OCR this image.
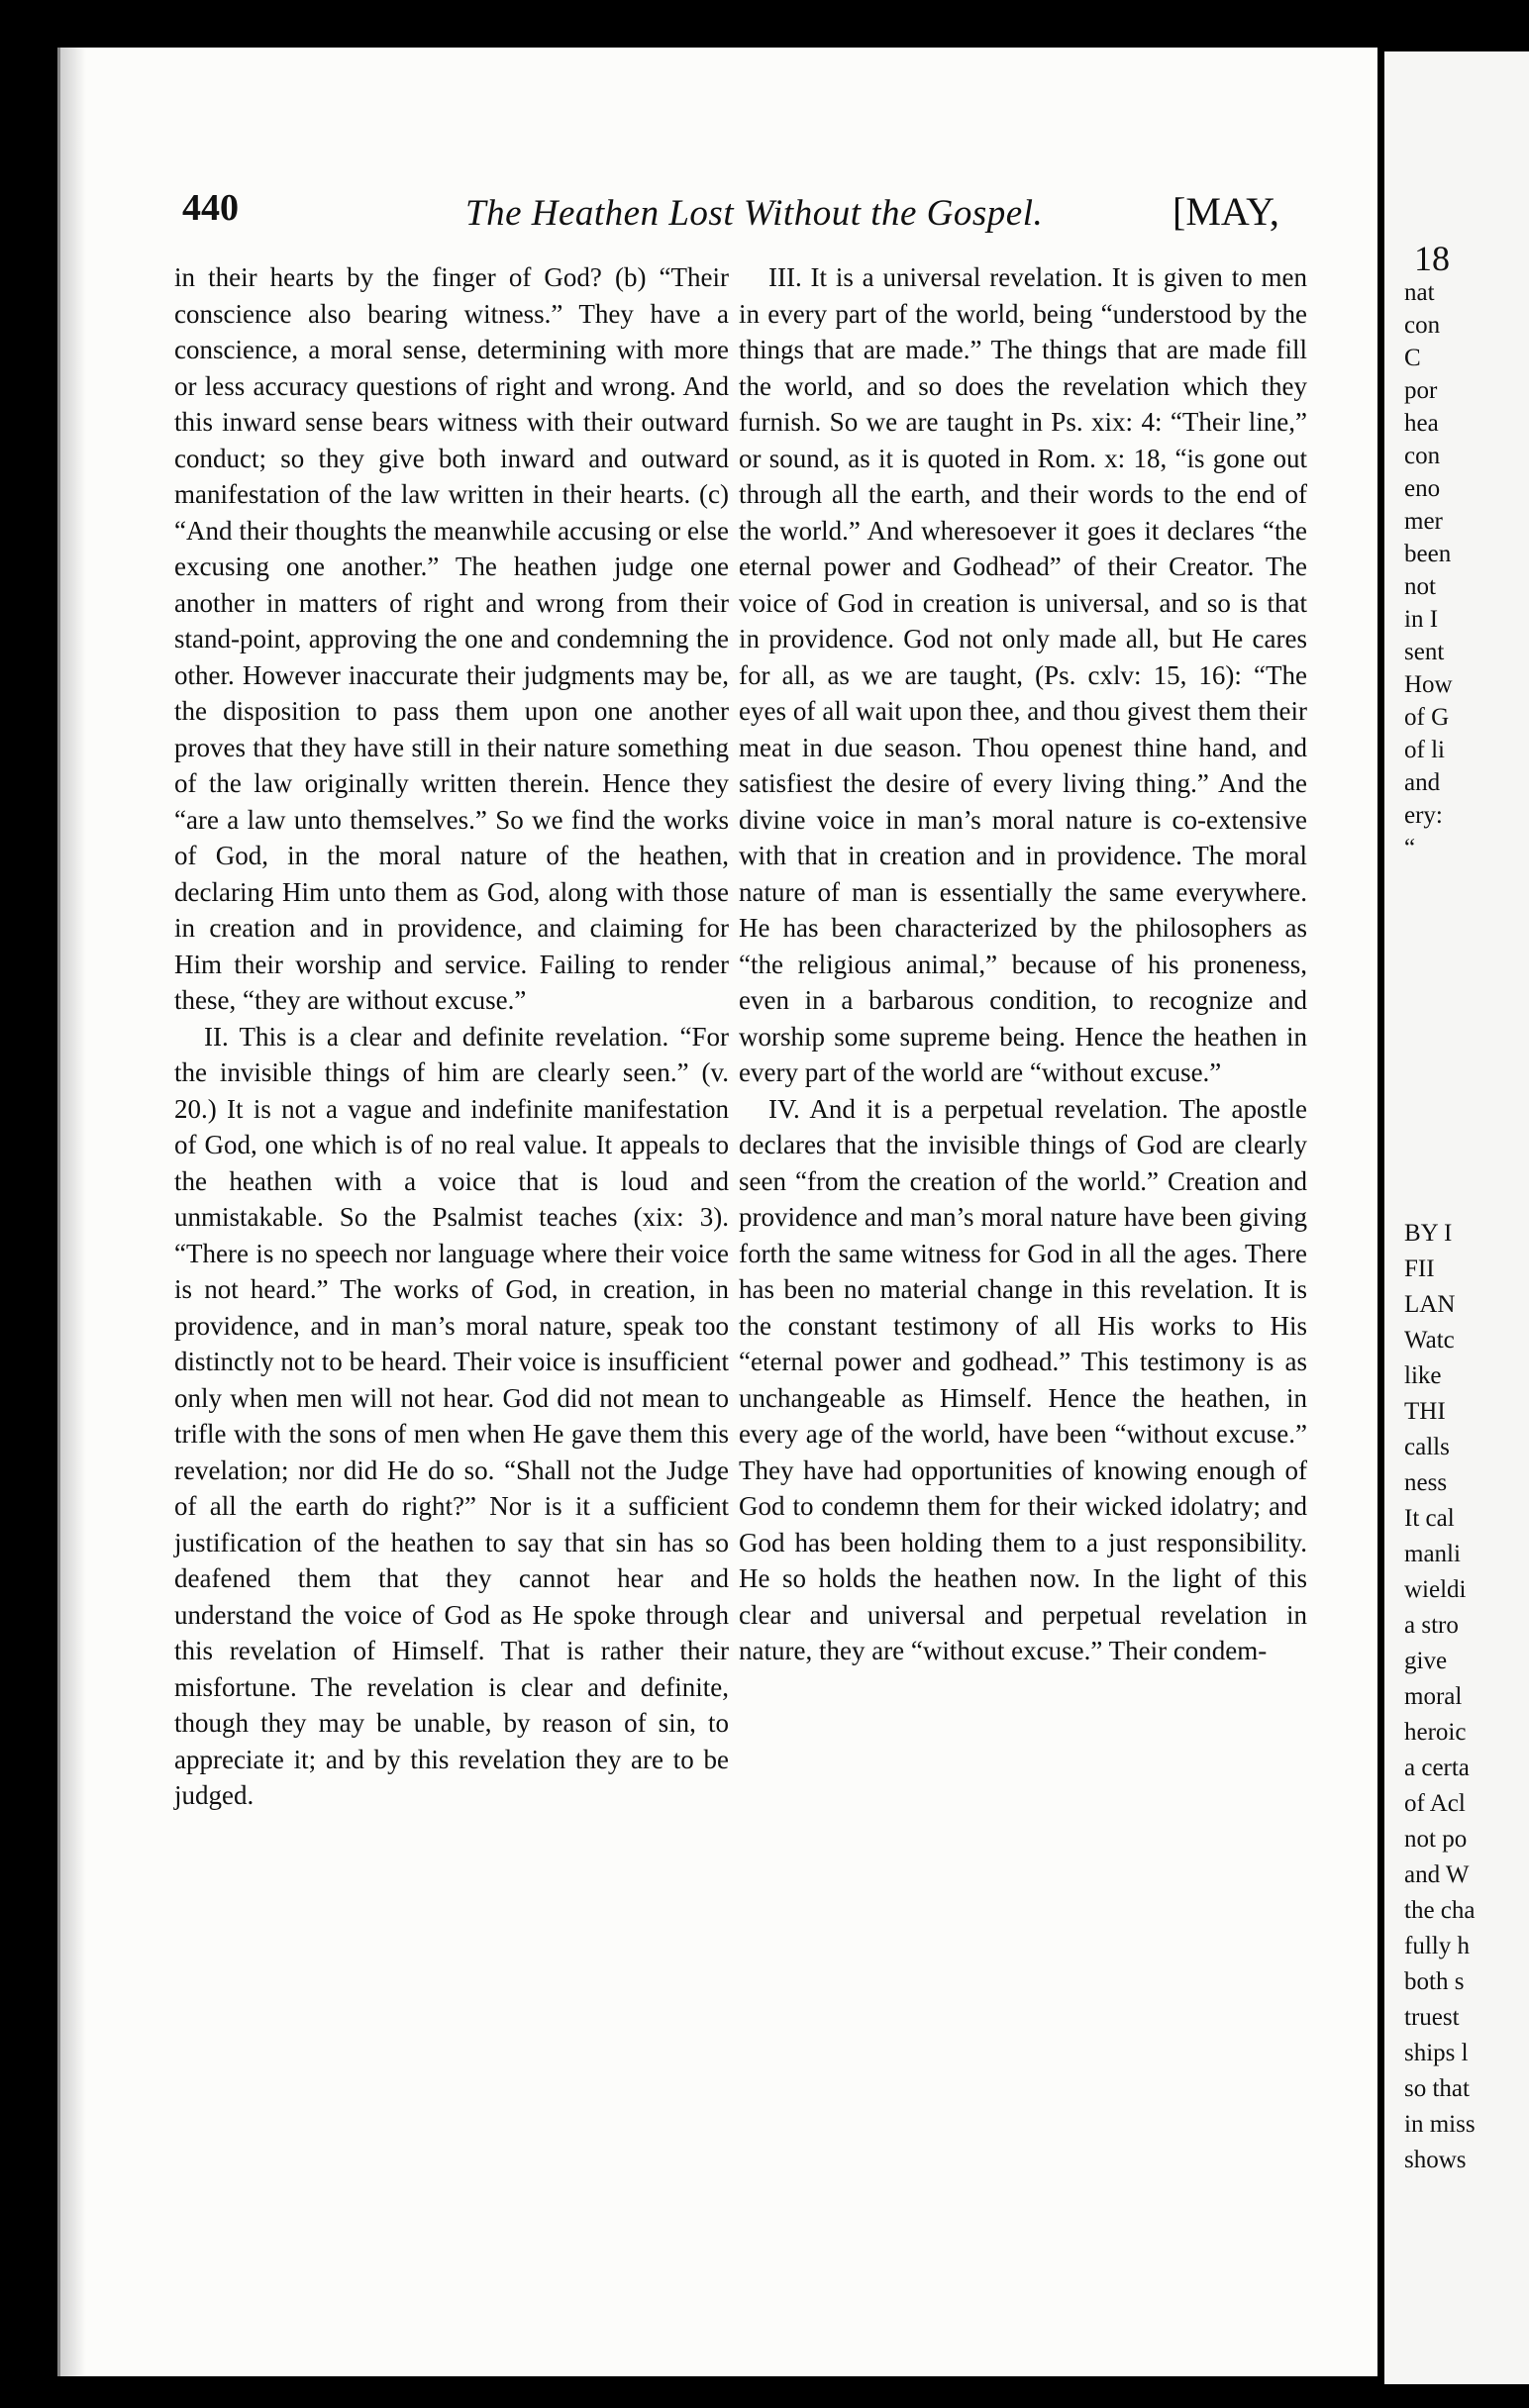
440	The Heathen Lost Without the Gospel.	[MAY,

in their hearts by the finger of God? (b) “Their conscience also bearing witness.” They have a conscience, a moral sense, determining with more or less accuracy questions of right and wrong. And this inward sense bears witness with their outward conduct; so they give both inward and outward manifestation of the law written in their hearts. (c) “And their thoughts the meanwhile accusing or else excusing one another.” The heathen judge one another in matters of right and wrong from their stand-point, approving the one and condemning the other. However inaccurate their judgments may be, the disposition to pass them upon one another proves that they have still in their nature something of the law originally written therein. Hence they “are a law unto themselves.” So we find the works of God, in the moral nature of the heathen, declaring Him unto them as God, along with those in creation and in providence, and claiming for Him their worship and service. Failing to render these, “they are without excuse.”

II. This is a clear and definite revelation. “For the invisible things of him are clearly seen.” (v. 20.) It is not a vague and indefinite manifestation of God, one which is of no real value. It appeals to the heathen with a voice that is loud and unmistakable. So the Psalmist teaches (xix: 3). “There is no speech nor language where their voice is not heard.” The works of God, in creation, in providence, and in man’s moral nature, speak too distinctly not to be heard. Their voice is insufficient only when men will not hear. God did not mean to trifle with the sons of men when He gave them this revelation; nor did He do so. “Shall not the Judge of all the earth do right?” Nor is it a sufficient justification of the heathen to say that sin has so deafened them that they cannot hear and understand the voice of God as He spoke through this revelation of Himself. That is rather their misfortune. The revelation is clear and definite, though they may be unable, by reason of sin, to appreciate it; and by this revelation they are to be judged.

III. It is a universal revelation. It is given to men in every part of the world, being “understood by the things that are made.” The things that are made fill the world, and so does the revelation which they furnish. So we are taught in Ps. xix: 4: “Their line,” or sound, as it is quoted in Rom. x: 18, “is gone out through all the earth, and their words to the end of the world.” And wheresoever it goes it declares “the eternal power and Godhead” of their Creator. The voice of God in creation is universal, and so is that in providence. God not only made all, but He cares for all, as we are taught, (Ps. cxlv: 15, 16): “The eyes of all wait upon thee, and thou givest them their meat in due season. Thou openest thine hand, and satisfiest the desire of every living thing.” And the divine voice in man’s moral nature is co-extensive with that in creation and in providence. The moral nature of man is essentially the same everywhere. He has been characterized by the philosophers as “the religious animal,” because of his proneness, even in a barbarous condition, to recognize and worship some supreme being. Hence the heathen in every part of the world are “without excuse.”

IV. And it is a perpetual revelation. The apostle declares that the invisible things of God are clearly seen “from the creation of the world.” Creation and providence and man’s moral nature have been giving forth the same witness for God in all the ages. There has been no material change in this revelation. It is the constant testimony of all His works to His “eternal power and godhead.” This testimony is as unchangeable as Himself. Hence the heathen, in every age of the world, have been “without excuse.” They have had opportunities of knowing enough of God to condemn them for their wicked idolatry; and God has been holding them to a just responsibility. He so holds the heathen now. In the light of this clear and universal and perpetual revelation in nature, they are “without excuse.” Their condem-

18
nat
con
C
por
hea
con
eno
mer
been
not
in I
sent
How
of G
of li
and
ery:
“
BY I
FII
LAN
Watc
like
THI
calls
ness
It cal
manli
wieldi
a stro
give
moral
heroic
a certa
of Acl
not po
and W
the cha
fully h
both s
truest
ships l
so that
in miss
shows
